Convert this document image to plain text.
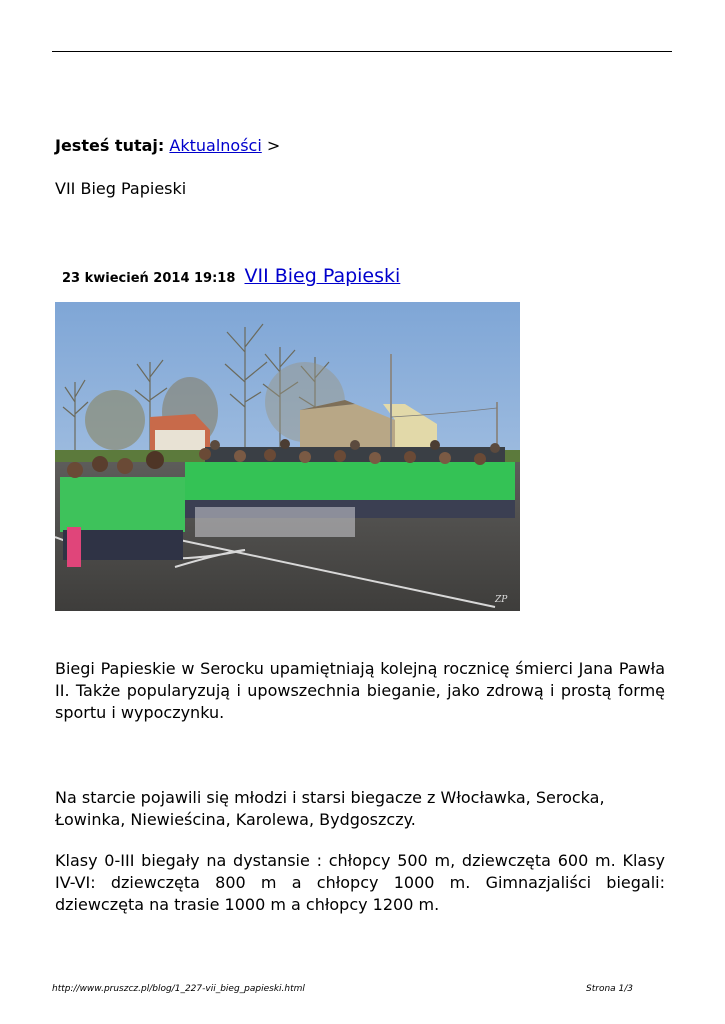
Jesteś tutaj: Aktualności >
VII Bieg Papieski
23 kwiecień 2014 19:18 VII Bieg Papieski
ZP

Biegi Papieskie w Serocku upamiętniają kolejną rocznicę śmierci Jana Pawła II. Także popularyzują i upowszechnia bieganie, jako zdrową i prostą formę sportu i wypoczynku.

Na starcie pojawili się młodzi i starsi biegacze z Włocławka, Serocka, Łowinka, Niewieścina, Karolewa, Bydgoszczy.

Klasy 0-III biegały na dystansie : chłopcy 500 m, dziewczęta 600 m. Klasy IV-VI: dziewczęta 800 m a chłopcy 1000 m. Gimnazjaliści biegali: dziewczęta na trasie 1000 m a chłopcy 1200 m.

http://www.pruszcz.pl/blog/1_227-vii_bieg_papieski.html	Strona 1/3
